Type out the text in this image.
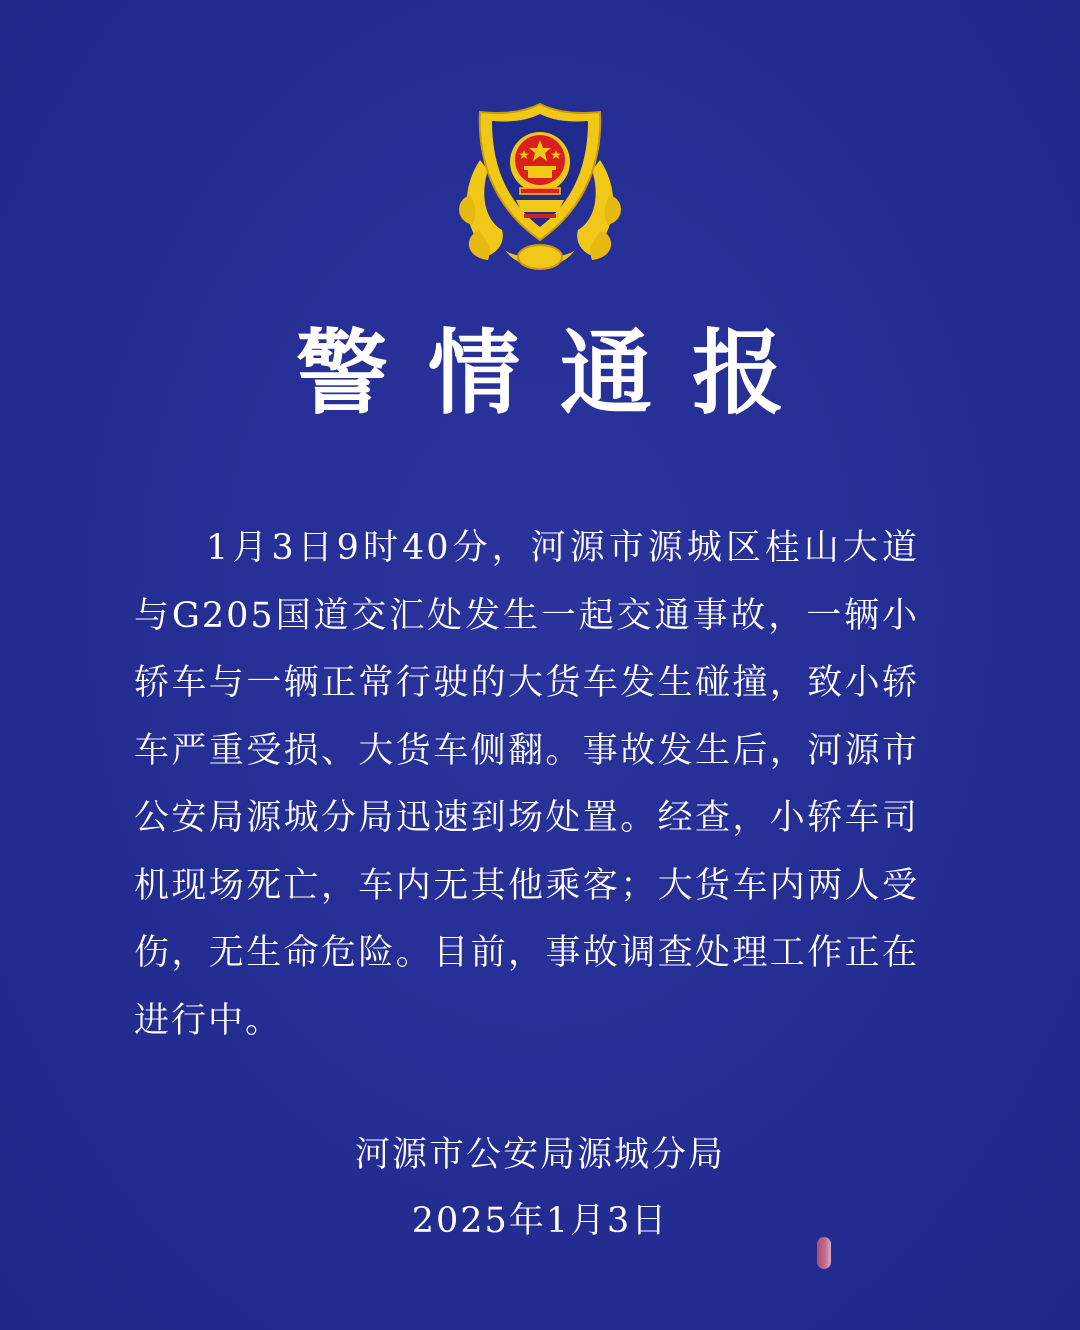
警情通报

1月3日9时40分，河源市源城区桂山大道与G205国道交汇处发生一起交通事故，一辆小轿车与一辆正常行驶的大货车发生碰撞，致小轿车严重受损、大货车侧翻。事故发生后，河源市公安局源城分局迅速到场处置。经查，小轿车司机现场死亡，车内无其他乘客；大货车内两人受伤，无生命危险。目前，事故调查处理工作正在进行中。

河源市公安局源城分局
2025年1月3日
